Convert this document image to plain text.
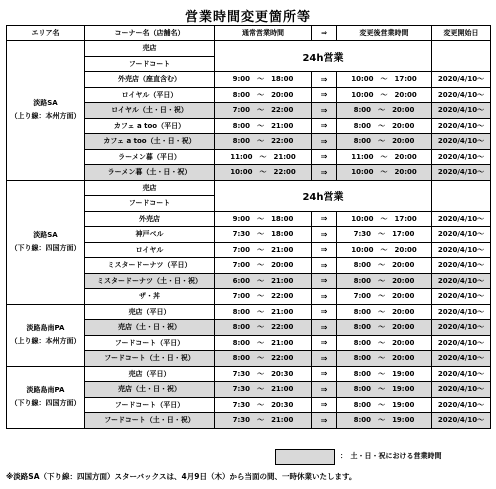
営業時間変更箇所等
エリア名	コーナー名（店舗名）	通常営業時間	⇒	変更後営業時間	変更開始日

淡路SA
（上り線：本州方面）	売店	24h営業			
	フードコート				
	外売店（座直含む）	9:00 ～ 18:00	⇒	10:00 ～ 17:00	2020/4/10～
	ロイヤル（平日）	8:00 ～ 20:00	⇒	10:00 ～ 20:00	2020/4/10～
	ロイヤル（土・日・祝）	7:00 ～ 22:00	⇒	8:00 ～ 20:00	2020/4/10～
	カフェ a too（平日）	8:00 ～ 21:00	⇒	8:00 ～ 20:00	2020/4/10～
	カフェ a too（土・日・祝）	8:00 ～ 22:00	⇒	8:00 ～ 20:00	2020/4/10～
	ラーメン暮（平日）	11:00 ～ 21:00	⇒	11:00 ～ 20:00	2020/4/10～
	ラーメン暮（土・日・祝）	10:00 ～ 22:00	⇒	10:00 ～ 20:00	2020/4/10～

淡路SA
（下り線：四国方面）	売店	24h営業			
	フードコート				
	外売店	9:00 ～ 18:00	⇒	10:00 ～ 17:00	2020/4/10～
	神戸ベル	7:30 ～ 18:00	⇒	7:30 ～ 17:00	2020/4/10～
	ロイヤル	7:00 ～ 21:00	⇒	10:00 ～ 20:00	2020/4/10～
	ミスタードーナツ（平日）	7:00 ～ 20:00	⇒	8:00 ～ 20:00	2020/4/10～
	ミスタードーナツ（土・日・祝）	6:00 ～ 21:00	⇒	8:00 ～ 20:00	2020/4/10～
	ザ・丼	7:00 ～ 22:00	⇒	7:00 ～ 20:00	2020/4/10～

淡路島南PA
（上り線：本州方面）	売店（平日）	8:00 ～ 21:00	⇒	8:00 ～ 20:00	2020/4/10～
	売店（土・日・祝）	8:00 ～ 22:00	⇒	8:00 ～ 20:00	2020/4/10～
	フードコート（平日）	8:00 ～ 21:00	⇒	8:00 ～ 20:00	2020/4/10～
	フードコート（土・日・祝）	8:00 ～ 22:00	⇒	8:00 ～ 20:00	2020/4/10～

淡路島南PA
（下り線：四国方面）	売店（平日）	7:30 ～ 20:30	⇒	8:00 ～ 19:00	2020/4/10～
	売店（土・日・祝）	7:30 ～ 21:00	⇒	8:00 ～ 19:00	2020/4/10～
	フードコート（平日）	7:30 ～ 20:30	⇒	8:00 ～ 19:00	2020/4/10～
	フードコート（土・日・祝）	7:30 ～ 21:00	⇒	8:00 ～ 19:00	2020/4/10～
：　土・日・祝における営業時間
※淡路SA（下り線：四国方面）スターバックスは、4月9日（木）から当面の間、一時休業いたします。
